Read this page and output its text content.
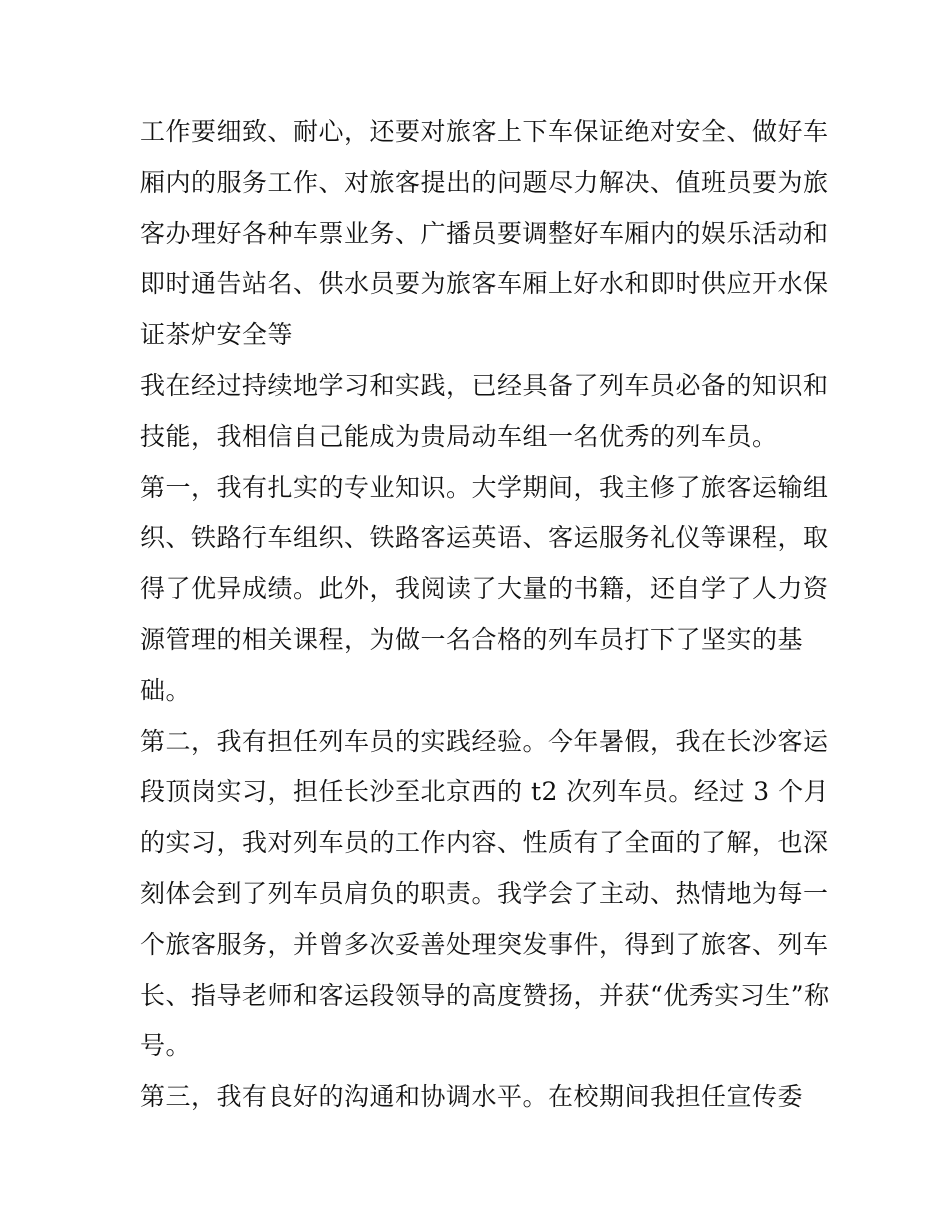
工作要细致、耐心，还要对旅客上下车保证绝对安全、做好车
厢内的服务工作、对旅客提出的问题尽力解决、值班员要为旅
客办理好各种车票业务、广播员要调整好车厢内的娱乐活动和
即时通告站名、供水员要为旅客车厢上好水和即时供应开水保
证茶炉安全等
我在经过持续地学习和实践，已经具备了列车员必备的知识和
技能，我相信自己能成为贵局动车组一名优秀的列车员。
第一，我有扎实的专业知识。大学期间，我主修了旅客运输组
织、铁路行车组织、铁路客运英语、客运服务礼仪等课程，取
得了优异成绩。此外，我阅读了大量的书籍，还自学了人力资
源管理的相关课程，为做一名合格的列车员打下了坚实的基
础。
第二，我有担任列车员的实践经验。今年暑假，我在长沙客运
段顶岗实习，担任长沙至北京西的 t2 次列车员。经过 3 个月
的实习，我对列车员的工作内容、性质有了全面的了解，也深
刻体会到了列车员肩负的职责。我学会了主动、热情地为每一
个旅客服务，并曾多次妥善处理突发事件，得到了旅客、列车
长、指导老师和客运段领导的高度赞扬，并获“优秀实习生”称
号。
第三，我有良好的沟通和协调水平。在校期间我担任宣传委
